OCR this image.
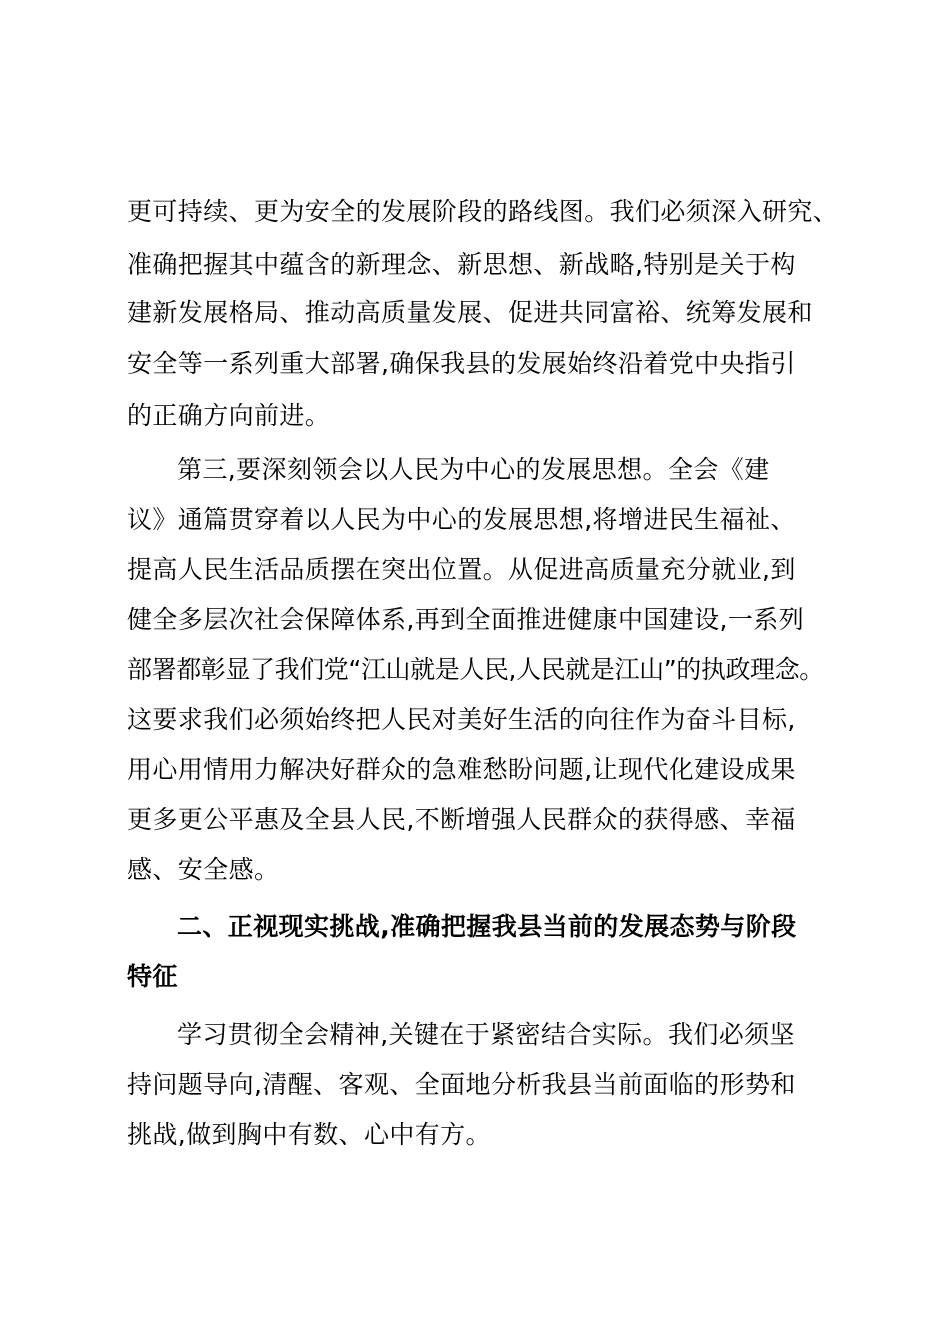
更可持续、更为安全的发展阶段的路线图。我们必须深入研究、
准确把握其中蕴含的新理念、新思想、新战略,特别是关于构
建新发展格局、推动高质量发展、促进共同富裕、统筹发展和
安全等一系列重大部署,确保我县的发展始终沿着党中央指引
的正确方向前进。
第三,要深刻领会以人民为中心的发展思想。全会《建
议》通篇贯穿着以人民为中心的发展思想,将增进民生福祉、
提高人民生活品质摆在突出位置。从促进高质量充分就业,到
健全多层次社会保障体系,再到全面推进健康中国建设,一系列
部署都彰显了我们党“江山就是人民,人民就是江山”的执政理念。
这要求我们必须始终把人民对美好生活的向往作为奋斗目标,
用心用情用力解决好群众的急难愁盼问题,让现代化建设成果
更多更公平惠及全县人民,不断增强人民群众的获得感、幸福
感、安全感。
二、正视现实挑战,准确把握我县当前的发展态势与阶段
特征
学习贯彻全会精神,关键在于紧密结合实际。我们必须坚
持问题导向,清醒、客观、全面地分析我县当前面临的形势和
挑战,做到胸中有数、心中有方。
